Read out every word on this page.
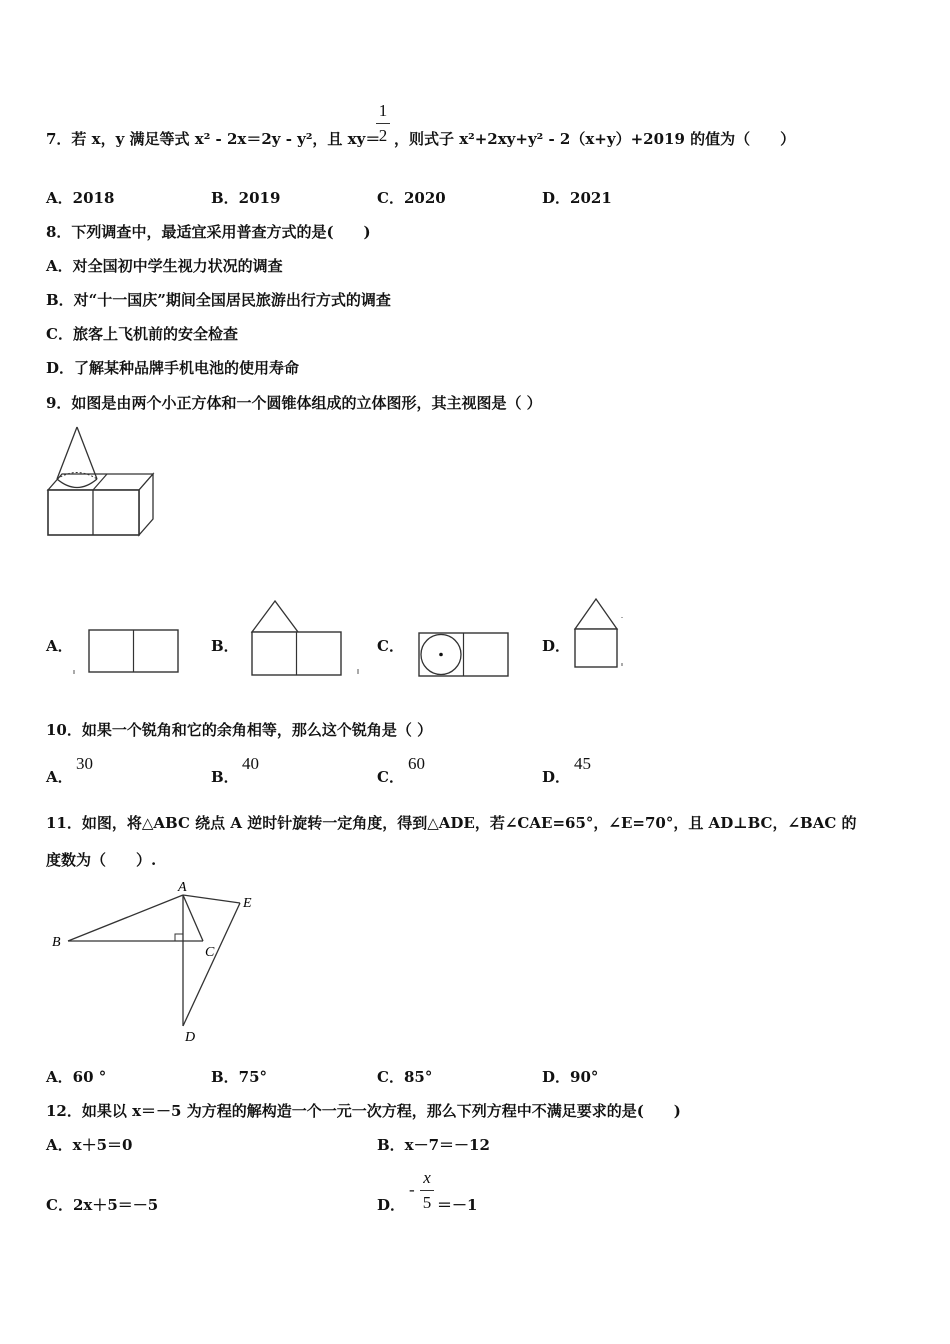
7．若 x，y 满足等式 x² - 2x＝2y - y²，且 xy＝
1
2 ，则式子 x²+2xy+y² - 2（x+y）+2019 的值为（　　）
A．2018	B．2019	C．2020	D．2021
8．下列调查中，最适宜采用普查方式的是(　　)
A．对全国初中学生视力状况的调查
B．对“十一国庆”期间全国居民旅游出行方式的调查
C．旅客上飞机前的安全检查
D．了解某种品牌手机电池的使用寿命
9．如图是由两个小正方体和一个圆锥体组成的立体图形，其主视图是（ ）
A．	B．	C．	D．
10．如果一个锐角和它的余角相等，那么这个锐角是（ ）
A．
30
B．
40
C．
60
D．
45
11．如图，将△ABC 绕点 A 逆时针旋转一定角度，得到△ADE，若∠CAE=65°，∠E=70°，且 AD⊥BC，∠BAC 的
度数为（　　）.
A
B
C
D
E
A．60 °	B．75°	C．85°	D．90°
12．如果以 x＝－5 为方程的解构造一个一元一次方程，那么下列方程中不满足要求的是(　　)
A．x＋5＝0	B．x－7＝－12
C．2x＋5＝－5	D．
-
x
5 ＝－1
